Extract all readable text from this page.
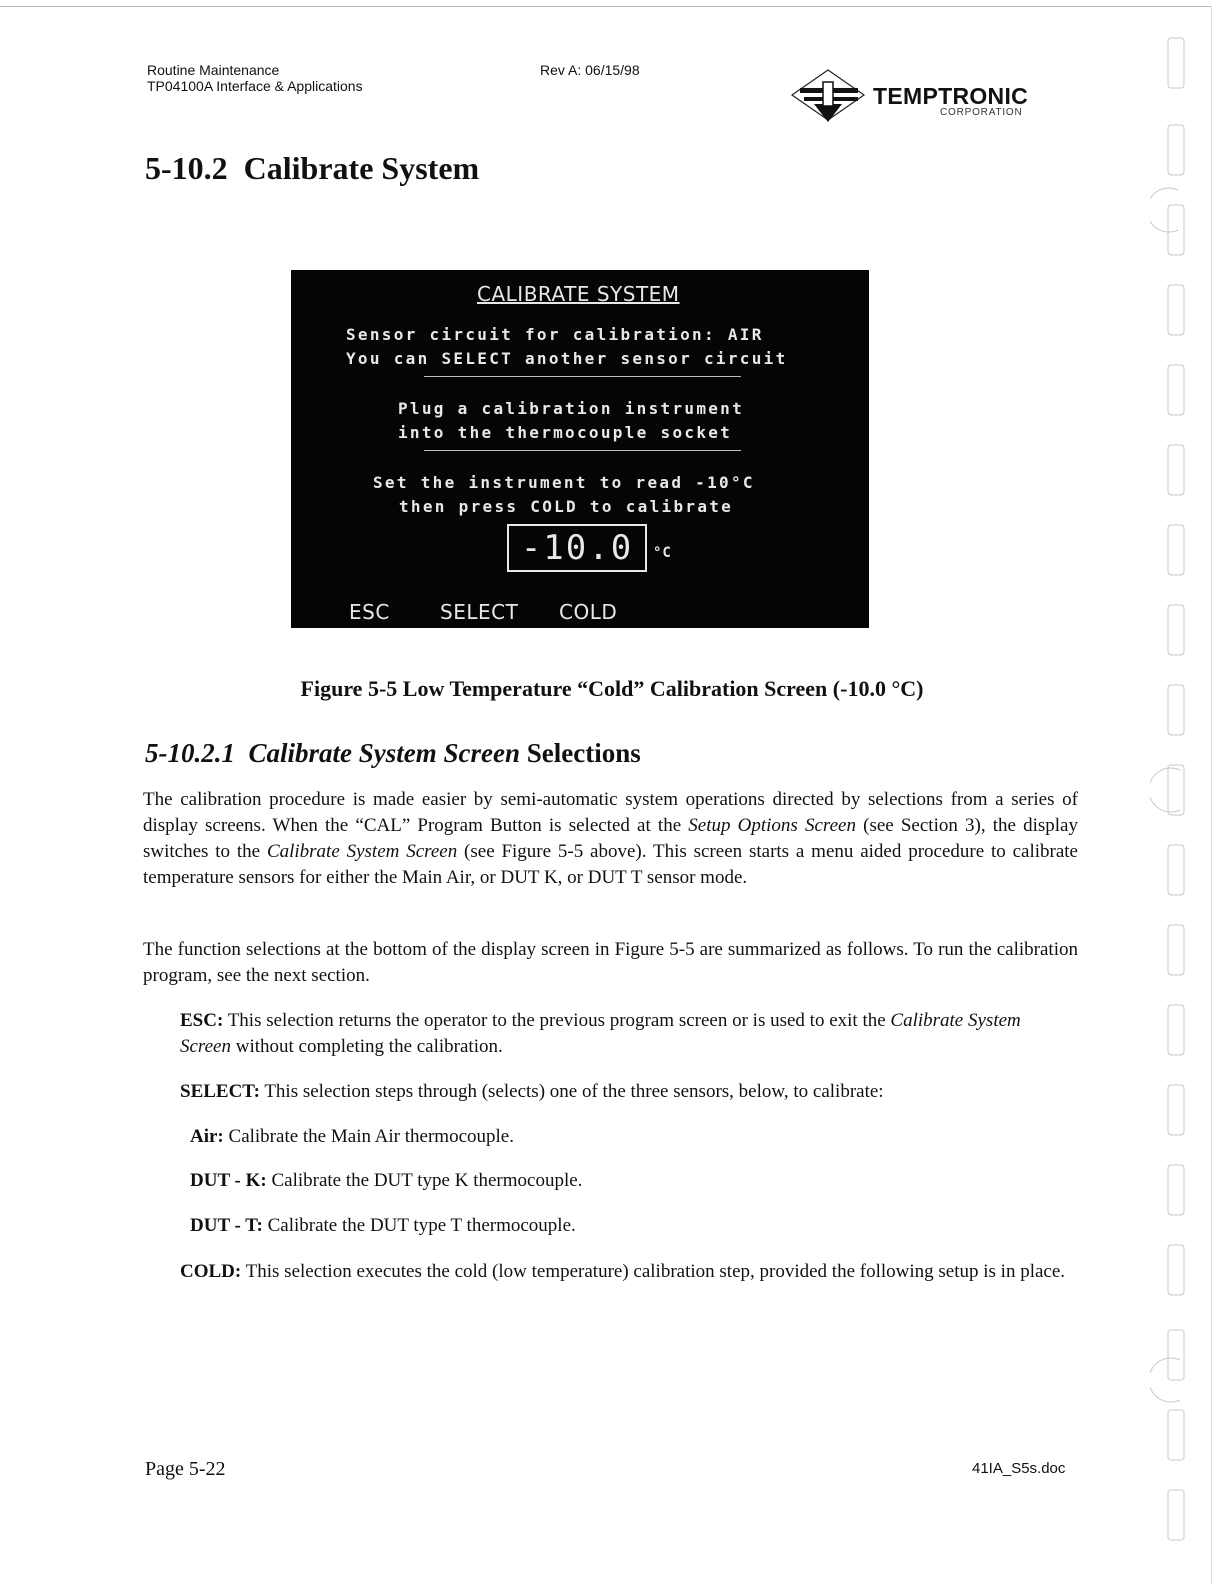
Routine Maintenance
TP04100A Interface & Applications
Rev A: 06/15/98
TEMPTRONIC
CORPORATION
5-10.2  Calibrate System
CALIBRATE SYSTEM
Sensor circuit for calibration: AIR
You can SELECT another sensor circuit
Plug a calibration instrument
into the thermocouple socket
Set the instrument to read -10°C
then press COLD to calibrate
-10.0	°C
ESC	SELECT COLD
Figure 5-5 Low Temperature “Cold” Calibration Screen (-10.0 °C)
5-10.2.1 Calibrate System Screen Selections
The calibration procedure is made easier by semi-automatic system operations directed by selections from a series of display screens. When the “CAL” Program Button is selected at the Setup Options Screen (see Section 3), the display switches to the Calibrate System Screen (see Figure 5-5 above). This screen starts a menu aided procedure to calibrate temperature sensors for either the Main Air, or DUT K, or DUT T sensor mode.
The function selections at the bottom of the display screen in Figure 5-5 are summarized as follows. To run the calibration program, see the next section.
ESC: This selection returns the operator to the previous program screen or is used to exit the Calibrate System Screen without completing the calibration.
SELECT: This selection steps through (selects) one of the three sensors, below, to calibrate:
Air: Calibrate the Main Air thermocouple.
DUT - K: Calibrate the DUT type K thermocouple.
DUT - T: Calibrate the DUT type T thermocouple.
COLD: This selection executes the cold (low temperature) calibration step, provided the following setup is in place.
Page 5-22	41IA_S5s.doc
